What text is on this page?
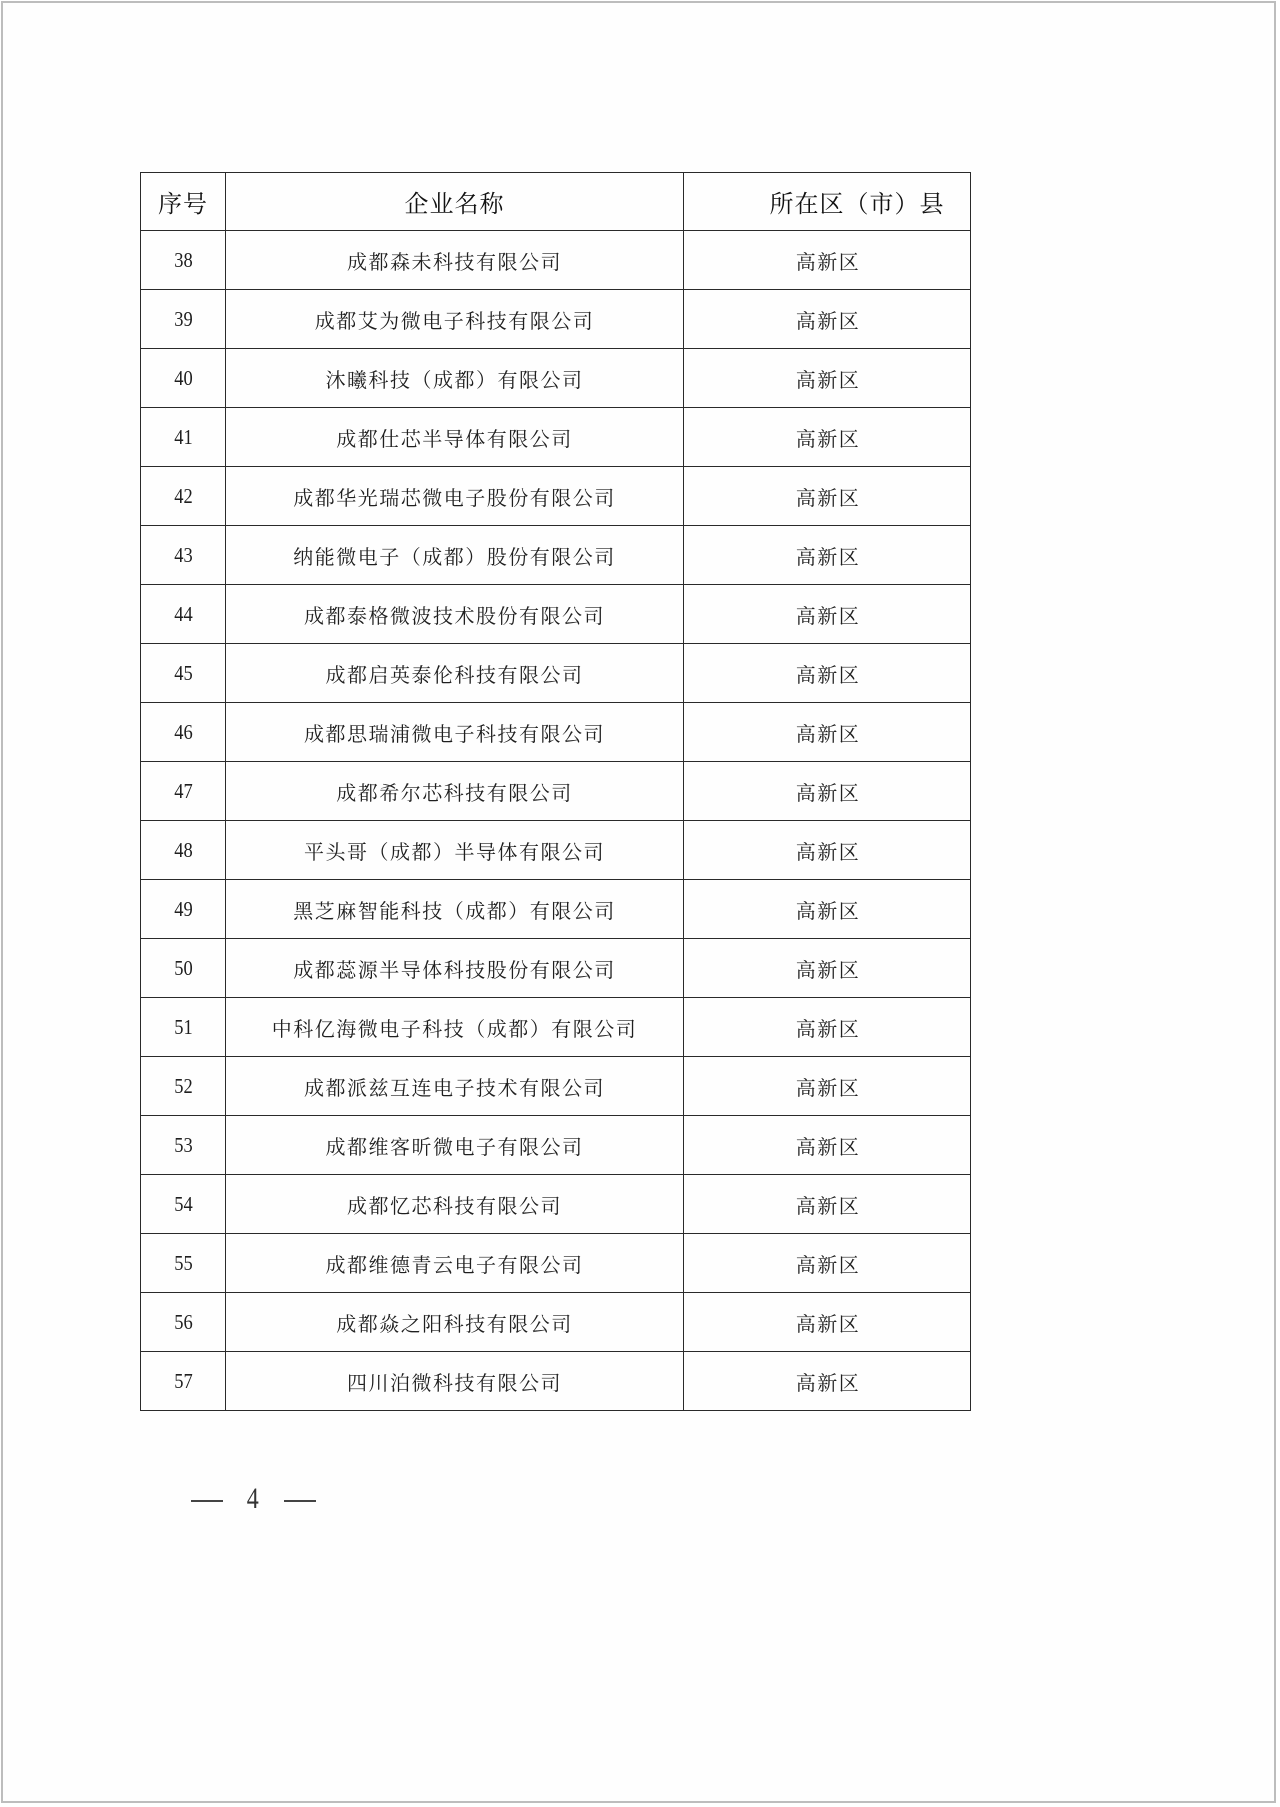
序号	企业名称	所在区（市）县
38	成都森未科技有限公司	高新区
39	成都艾为微电子科技有限公司	高新区
40	沐曦科技（成都）有限公司	高新区
41	成都仕芯半导体有限公司	高新区
42	成都华光瑞芯微电子股份有限公司	高新区
43	纳能微电子（成都）股份有限公司	高新区
44	成都泰格微波技术股份有限公司	高新区
45	成都启英泰伦科技有限公司	高新区
46	成都思瑞浦微电子科技有限公司	高新区
47	成都希尔芯科技有限公司	高新区
48	平头哥（成都）半导体有限公司	高新区
49	黑芝麻智能科技（成都）有限公司	高新区
50	成都蕊源半导体科技股份有限公司	高新区
51	中科亿海微电子科技（成都）有限公司	高新区
52	成都派兹互连电子技术有限公司	高新区
53	成都维客昕微电子有限公司	高新区
54	成都忆芯科技有限公司	高新区
55	成都维德青云电子有限公司	高新区
56	成都焱之阳科技有限公司	高新区
57	四川泊微科技有限公司	高新区

4
